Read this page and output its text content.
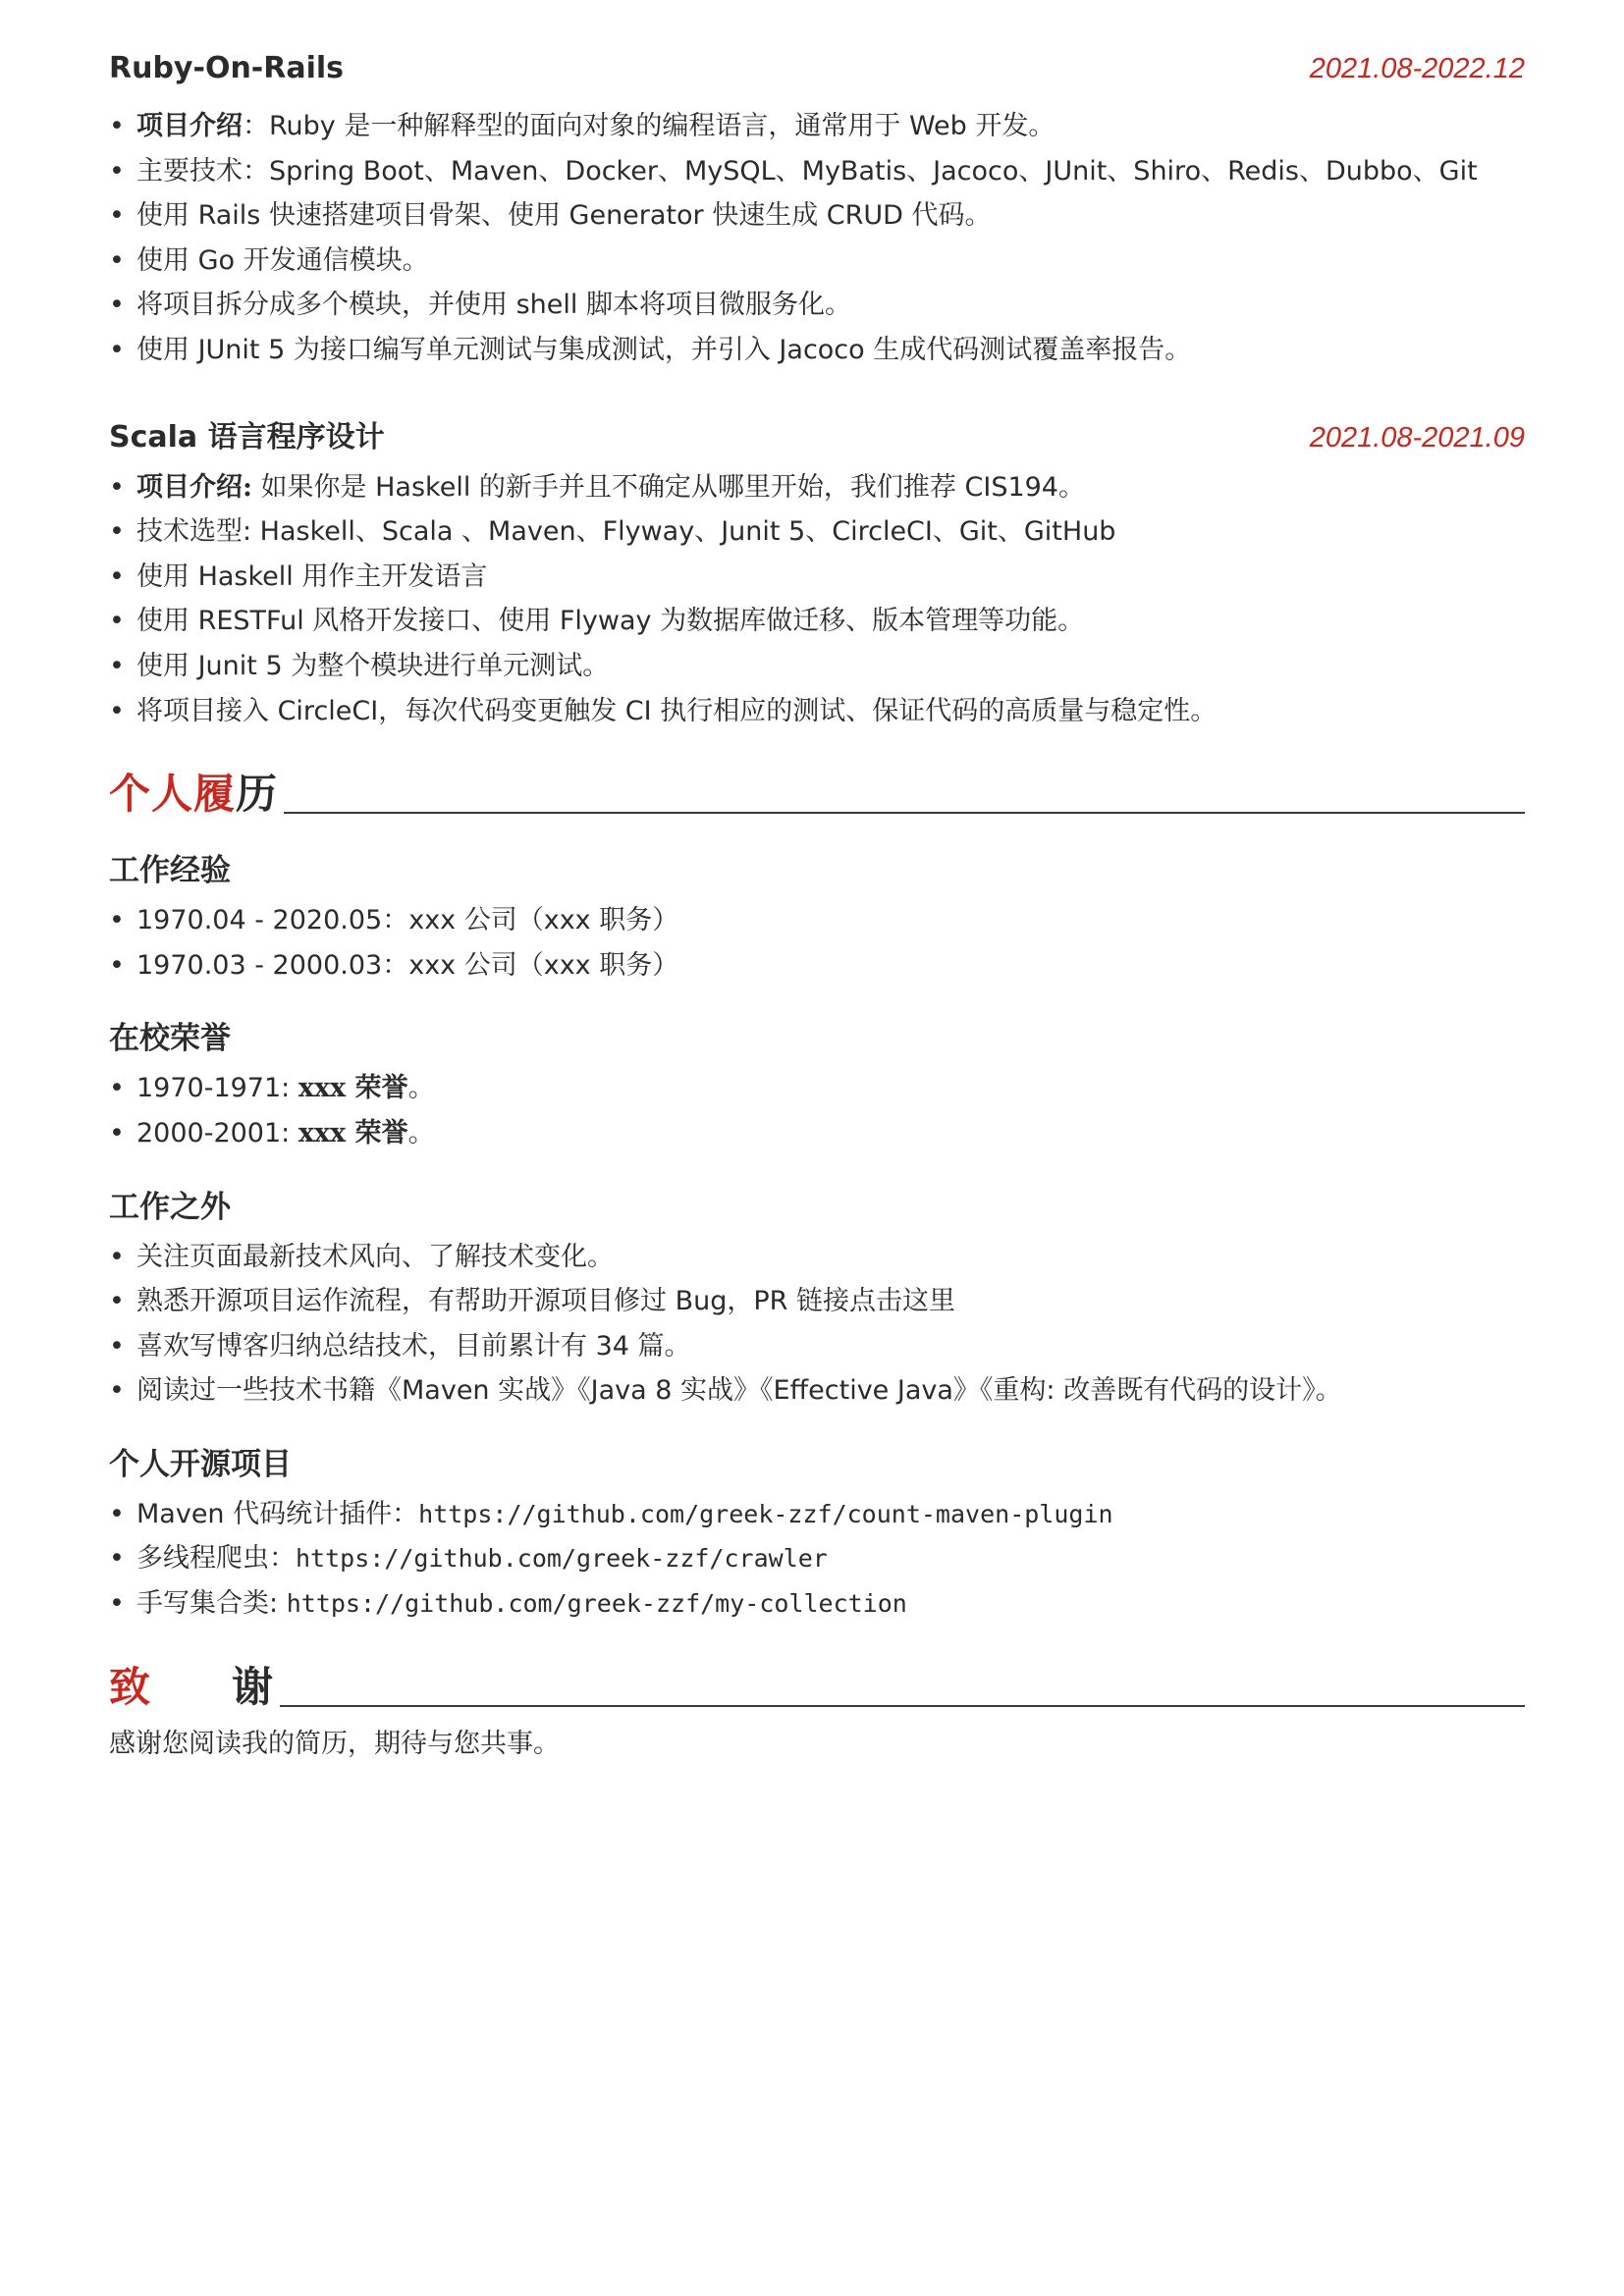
Ruby-On-Rails	2021.08-2022.12
• 项目介绍：Ruby 是一种解释型的面向对象的编程语言，通常用于 Web 开发。
• 主要技术：Spring Boot、Maven、Docker、MySQL、MyBatis、Jacoco、JUnit、Shiro、Redis、Dubbo、Git
• 使用 Rails 快速搭建项目骨架、使用 Generator 快速生成 CRUD 代码。
• 使用 Go 开发通信模块。
• 将项目拆分成多个模块，并使用 shell 脚本将项目微服务化。
• 使用 JUnit 5 为接口编写单元测试与集成测试，并引入 Jacoco 生成代码测试覆盖率报告。
Scala 语言程序设计	2021.08-2021.09
• 项目介绍: 如果你是 Haskell 的新手并且不确定从哪里开始，我们推荐 CIS194。
• 技术选型: Haskell、Scala 、Maven、Flyway、Junit 5、CircleCI、Git、GitHub
• 使用 Haskell 用作主开发语言
• 使用 RESTFul 风格开发接口、使用 Flyway 为数据库做迁移、版本管理等功能。
• 使用 Junit 5 为整个模块进行单元测试。
• 将项目接入 CircleCI，每次代码变更触发 CI 执行相应的测试、保证代码的高质量与稳定性。
个人履历
工作经验
• 1970.04 - 2020.05：xxx 公司（xxx 职务）
• 1970.03 - 2000.03：xxx 公司（xxx 职务）
在校荣誉
• 1970-1971: xxx 荣誉。
• 2000-2001: xxx 荣誉。
工作之外
• 关注页面最新技术风向、了解技术变化。
• 熟悉开源项目运作流程，有帮助开源项目修过 Bug，PR 链接点击这里
• 喜欢写博客归纳总结技术，目前累计有 34 篇。
• 阅读过一些技术书籍《Maven 实战》《Java 8 实战》《Effective Java》《重构: 改善既有代码的设计》。
个人开源项目
• Maven 代码统计插件：https://github.com/greek-zzf/count-maven-plugin
• 多线程爬虫：https://github.com/greek-zzf/crawler
• 手写集合类: https://github.com/greek-zzf/my-collection
致 谢
感谢您阅读我的简历，期待与您共事。
